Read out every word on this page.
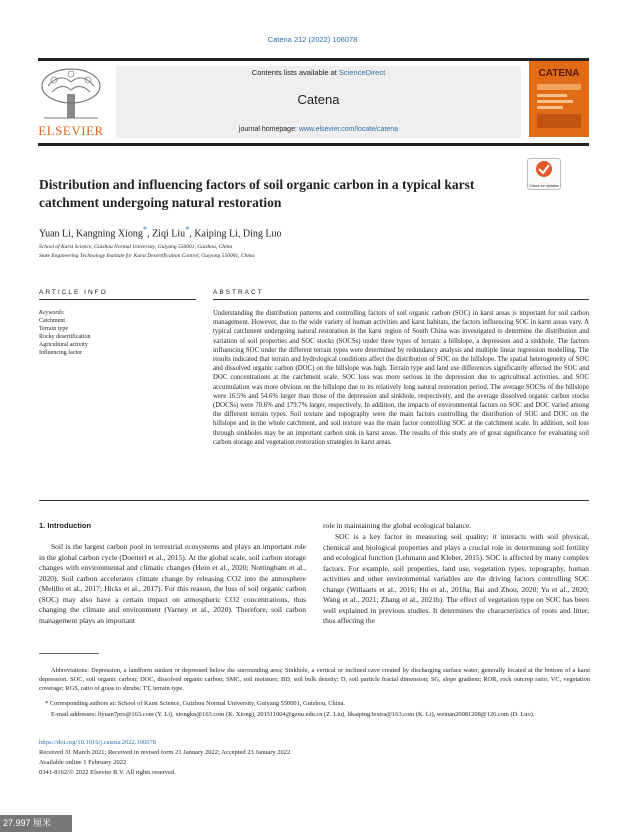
Catena 212 (2022) 106078
ELSEVIER
Contents lists available at ScienceDirect
Catena
journal homepage: www.elsevier.com/locate/catena
CATENA
Check for updates
Distribution and influencing factors of soil organic carbon in a typical karst
catchment undergoing natural restoration
Yuan Li, Kangning Xiong*, Ziqi Liu*, Kaiping Li, Ding Luo
School of Karst Science, Guizhou Normal University, Guiyang 550001, Guizhou, China
State Engineering Technology Institute for Karst Desertification Control, Guiyang 550001, China
ARTICLE INFO	ABSTRACT
Keywords:
Catchment
Terrain type
Rocky desertification
Agricultural activity
Influencing factor
Understanding the distribution patterns and controlling factors of soil organic carbon (SOC) in karst areas is important for soil carbon management. However, due to the wide variety of human activities and karst habitats, the factors influencing SOC in karst areas vary. A typical catchment undergoing natural restoration in the karst region of South China was investigated to determine the distribution and variation of soil properties and SOC stocks (SOCSs) under three types of terrain: a hillslope, a depression and a sinkhole. The factors influencing SOC under the different terrain types were determined by redundancy analysis and multiple linear regression modelling. The results indicated that terrain and hydrological conditions affect the distribution of SOC on the hillslope. The spatial heterogeneity of SOC and dissolved organic carbon (DOC) on the hillslope was high. Terrain type and land use differences significantly affected the SOC and DOC concentrations at the catchment scale. SOC loss was more serious in the depression due to agricultural activities, and SOC accumulation was more obvious on the hillslope due to its relatively long natural restoration period. The average SOCSs of the hillslope were 16.5% and 54.6% larger than those of the depression and sinkhole, respectively, and the average dissolved organic carbon stocks (DOCSs) were 70.6% and 179.7% larger, respectively. In addition, the impacts of environmental factors on SOC and DOC varied among the different terrain types. Soil texture and topography were the main factors controlling the distribution of SOC and DOC on the hillslope and in the whole catchment, and soil texture was the main factor controlling SOC at the catchment scale. In addition, soil loss through sinkholes may be an important carbon sink in karst areas. The results of this study are of great significance for evaluating soil carbon storage and vegetation restoration strategies in karst areas.
1. Introduction
Soil is the largest carbon pool in terrestrial ecosystems and plays an important role in the global carbon cycle (Doetterl et al., 2015). At the global scale, soil carbon storage changes with environmental and climatic changes (Hein et al., 2020; Nottingham et al., 2020). Soil carbon accelerates climate change by releasing CO2 into the atmosphere (Melillo et al., 2017; Hicks et al., 2017). For this reason, the loss of soil organic carbon (SOC) may also have a certain impact on atmospheric CO2 concentrations, thus changing the climate and environment (Varney et al., 2020). Therefore, soil carbon management plays an important
role in maintaining the global ecological balance.
SOC is a key factor in measuring soil quality; it interacts with soil physical, chemical and biological properties and plays a crucial role in determining soil fertility and ecological function (Lehmann and Kleber, 2015). SOC is affected by many complex factors. For example, soil properties, land use, vegetation types, topography, human activities and other environmental variables are the driving factors controlling SOC change (Willaarts et al., 2016; Hu et al., 2018a; Bai and Zhou, 2020; Yu et al., 2020; Wang et al., 2021; Zhang et al., 2021b). The effect of vegetation type on SOC has been well explained in previous studies. It determines the characteristics of roots and litter, thus affecting the
Abbreviations: Depression, a landform sunken or depressed below the surrounding area; Sinkhole, a vertical or inclined cave created by discharging surface water, generally located at the bottom of a karst depression. SOC, soil organic carbon; DOC, dissolved organic carbon; SMC, soil moisture; BD, soil bulk density; D, soil particle fractal dimension; SG, slope gradient; ROR, rock outcrop ratio; VC, vegetation coverage; RGS, ratio of grass to shrubs; TT, terrain type.
* Corresponding authors at: School of Karst Science, Guizhou Normal University, Guiyang 550001, Guizhou, China.
E-mail addresses: liyuan7pro@163.com (Y. Li), xiongkn@163.com (K. Xiong), 201511004@gznu.edu.cn (Z. Liu), likaiping3extra@163.com (K. Li), weinan20081208@126.com (D. Luo).
https://doi.org/10.1016/j.catena.2022.106078
Received 31 March 2021; Received in revised form 21 January 2022; Accepted 23 January 2022
Available online 1 February 2022
0341-8162/© 2022 Elsevier B.V. All rights reserved.
27.997 厘米
